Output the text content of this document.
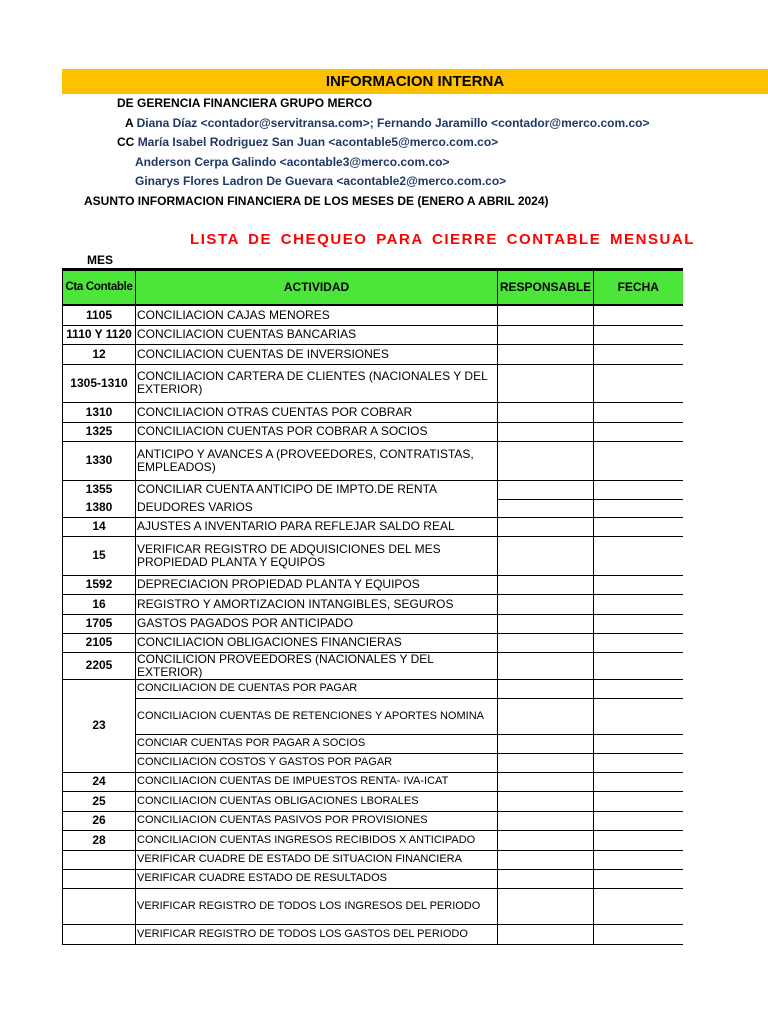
INFORMACION INTERNA
DE GERENCIA FINANCIERA GRUPO MERCO
A Diana Díaz <contador@servitransa.com>; Fernando Jaramillo <contador@merco.com.co>
CC María Isabel Rodriguez San Juan <acontable5@merco.com.co>
Anderson Cerpa Galindo <acontable3@merco.com.co>
Ginarys Flores Ladron De Guevara <acontable2@merco.com.co>
ASUNTO INFORMACION FINANCIERA DE LOS MESES DE (ENERO A ABRIL 2024)
LISTA DE CHEQUEO PARA CIERRE CONTABLE MENSUAL
MES
Cta Contable	ACTIVIDAD	RESPONSABLE	FECHA
1105	CONCILIACION CAJAS MENORES		
1110 Y 1120	CONCILIACION CUENTAS BANCARIAS		
12	CONCILIACION CUENTAS DE INVERSIONES		
1305-1310	CONCILIACION CARTERA DE CLIENTES (NACIONALES Y DEL EXTERIOR)		
1310	CONCILIACION OTRAS CUENTAS POR COBRAR		
1325	CONCILIACION CUENTAS POR COBRAR A SOCIOS		
1330	ANTICIPO Y AVANCES A (PROVEEDORES, CONTRATISTAS, EMPLEADOS)		
1355	CONCILIAR CUENTA ANTICIPO DE IMPTO.DE RENTA		
1380	DEUDORES VARIOS		
14	AJUSTES A INVENTARIO PARA REFLEJAR SALDO REAL		
15	VERIFICAR REGISTRO DE ADQUISICIONES DEL MES PROPIEDAD PLANTA Y EQUIPOS		
1592	DEPRECIACION PROPIEDAD PLANTA Y EQUIPOS		
16	REGISTRO Y AMORTIZACION INTANGIBLES, SEGUROS		
1705	GASTOS PAGADOS POR ANTICIPADO		
2105	CONCILIACION OBLIGACIONES FINANCIERAS		
2205	CONCILICION PROVEEDORES (NACIONALES Y DEL EXTERIOR)		
23	CONCILIACION DE CUENTAS POR PAGAR		
	CONCILIACION CUENTAS DE RETENCIONES Y APORTES NOMINA		
	CONCIAR CUENTAS POR PAGAR A SOCIOS		
	CONCILIACION COSTOS Y GASTOS POR PAGAR		
24	CONCILIACION CUENTAS DE IMPUESTOS RENTA- IVA-ICAT		
25	CONCILIACION CUENTAS OBLIGACIONES LBORALES		
26	CONCILIACION CUENTAS PASIVOS POR PROVISIONES		
28	CONCILIACION CUENTAS INGRESOS RECIBIDOS X ANTICIPADO		
	VERIFICAR CUADRE DE ESTADO DE SITUACION FINANCIERA		
	VERIFICAR CUADRE ESTADO DE RESULTADOS		
	VERIFICAR REGISTRO DE TODOS LOS INGRESOS DEL PERIODO		
	VERIFICAR REGISTRO DE TODOS LOS GASTOS DEL PERIODO		
